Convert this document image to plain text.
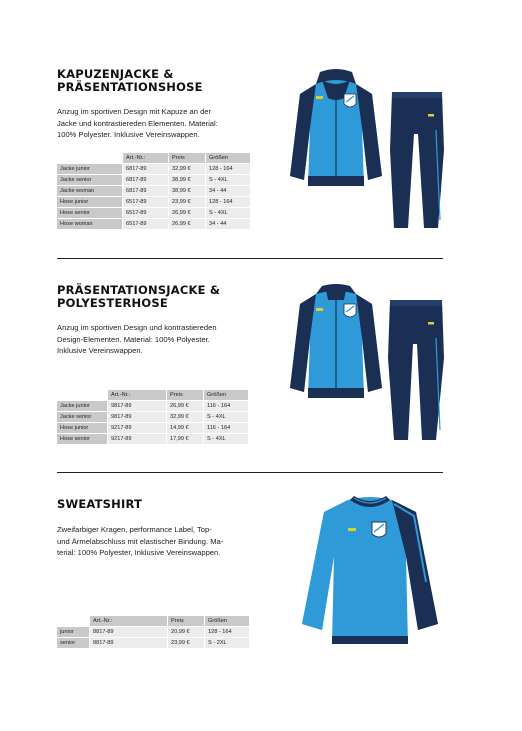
KAPUZENJACKE &
PRÄSENTATIONSHOSE

Anzug im sportiven Design mit Kapuze an der
Jacke und kontrastiereden Elementen. Material:
100% Polyester. Inklusive Vereinswappen.

	Art.-Nr.:	Preis	Größen
Jacke junior	6817-89	32,99 €	128 - 164
Jacke senior	6817-89	38,99 €	S - 4XL
Jacke woman	6817-89	38,99 €	34 - 44
Hose junior	6517-89	23,99 €	128 - 164
Hose senior	6517-89	26,99 €	S - 4XL
Hose woman	6517-89	26,99 €	34 - 44
PRÄSENTATIONSJACKE &
POLYESTERHOSE

Anzug im sportiven Design und kontrastiereden
Design-Elementen. Material: 100% Polyester.
Inklusive Vereinswappen.

	Art.-Nr.:	Preis	Größen
Jacke junior	9817-89	26,99 €	116 - 164
Jacke senior	9817-89	32,99 €	S - 4XL
Hose junior	9217-89	14,99 €	116 - 164
Hose senior	9217-89	17,99 €	S - 4XL
SWEATSHIRT

Zweifarbiger Kragen, performance Label, Top-
und Ärmelabschluss mit elastischer Bindung. Ma-
terial: 100% Polyester, Inklusive Vereinswappen.

	Art.-Nr.:	Preis	Größen
junior	8817-89	20,99 €	128 - 164
senior	8817-89	23,99 €	S - 2XL
